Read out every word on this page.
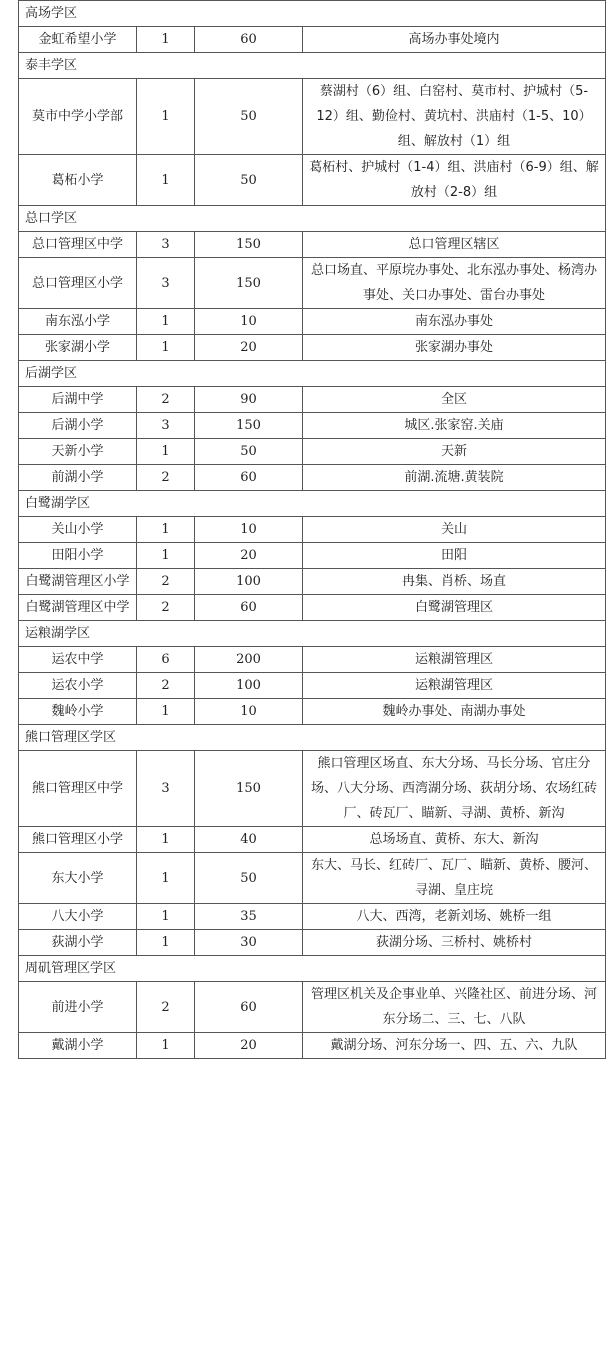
高场学区			
金虹希望小学	1	60	高场办事处境内
泰丰学区			
莫市中学小学部	1	50	蔡湖村（6）组、白窑村、莫市村、护城村（5-12）组、勤俭村、黄坑村、洪庙村（1-5、10）组、解放村（1）组
葛柘小学	1	50	葛柘村、护城村（1-4）组、洪庙村（6-9）组、解放村（2-8）组
总口学区			
总口管理区中学	3	150	总口管理区辖区
总口管理区小学	3	150	总口场直、平原垸办事处、北东泓办事处、杨湾办事处、关口办事处、雷台办事处
南东泓小学	1	10	南东泓办事处
张家湖小学	1	20	张家湖办事处
后湖学区			
后湖中学	2	90	全区
后湖小学	3	150	城区.张家窑.关庙
天新小学	1	50	天新
前湖小学	2	60	前湖.流塘.黄装院
白鹭湖学区			
关山小学	1	10	关山
田阳小学	1	20	田阳
白鹭湖管理区小学	2	100	冉集、肖桥、场直
白鹭湖管理区中学	2	60	白鹭湖管理区
运粮湖学区			
运农中学	6	200	运粮湖管理区
运农小学	2	100	运粮湖管理区
魏岭小学	1	10	魏岭办事处、南湖办事处
熊口管理区学区			
熊口管理区中学	3	150	熊口管理区场直、东大分场、马长分场、官庄分场、八大分场、西湾湖分场、荻胡分场、农场红砖厂、砖瓦厂、瞄新、寻湖、黄桥、新沟
熊口管理区小学	1	40	总场场直、黄桥、东大、新沟
东大小学	1	50	东大、马长、红砖厂、瓦厂、瞄新、黄桥、腰河、寻湖、皇庄垸
八大小学	1	35	八大、西湾，老新刘场、姚桥一组
荻湖小学	1	30	荻湖分场、三桥村、姚桥村
周矶管理区学区			
前进小学	2	60	管理区机关及企事业单、兴隆社区、前进分场、河东分场二、三、七、八队
戴湖小学	1	20	戴湖分场、河东分场一、四、五、六、九队
